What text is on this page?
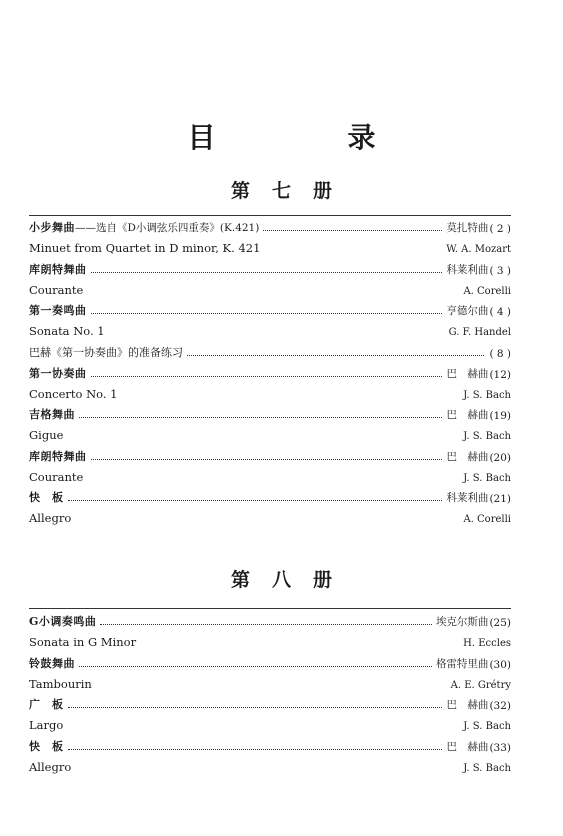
目　录
第七册
小步舞曲 ——选自《D小调弦乐四重奏》(K.421)	莫扎特曲 ( 2 )
Minuet from Quartet in D minor, K. 421	W. A. Mozart
库朗特舞曲	科莱利曲 ( 3 )
Courante	A. Corelli
第一奏鸣曲	亨德尔曲 ( 4 )
Sonata No. 1	G. F. Handel
巴赫《第一协奏曲》的准备练习	( 8 )
第一协奏曲	巴　赫曲 (12)
Concerto No. 1	J. S. Bach
吉格舞曲	巴　赫曲 (19)
Gigue	J. S. Bach
库朗特舞曲	巴　赫曲 (20)
Courante	J. S. Bach
快　板	科莱利曲 (21)
Allegro	A. Corelli
第八册
G小调奏鸣曲	埃克尔斯曲 (25)
Sonata in G Minor	H. Eccles
铃鼓舞曲	格雷特里曲 (30)
Tambourin	A. E. Grétry
广　板	巴　赫曲 (32)
Largo	J. S. Bach
快　板	巴　赫曲 (33)
Allegro	J. S. Bach
